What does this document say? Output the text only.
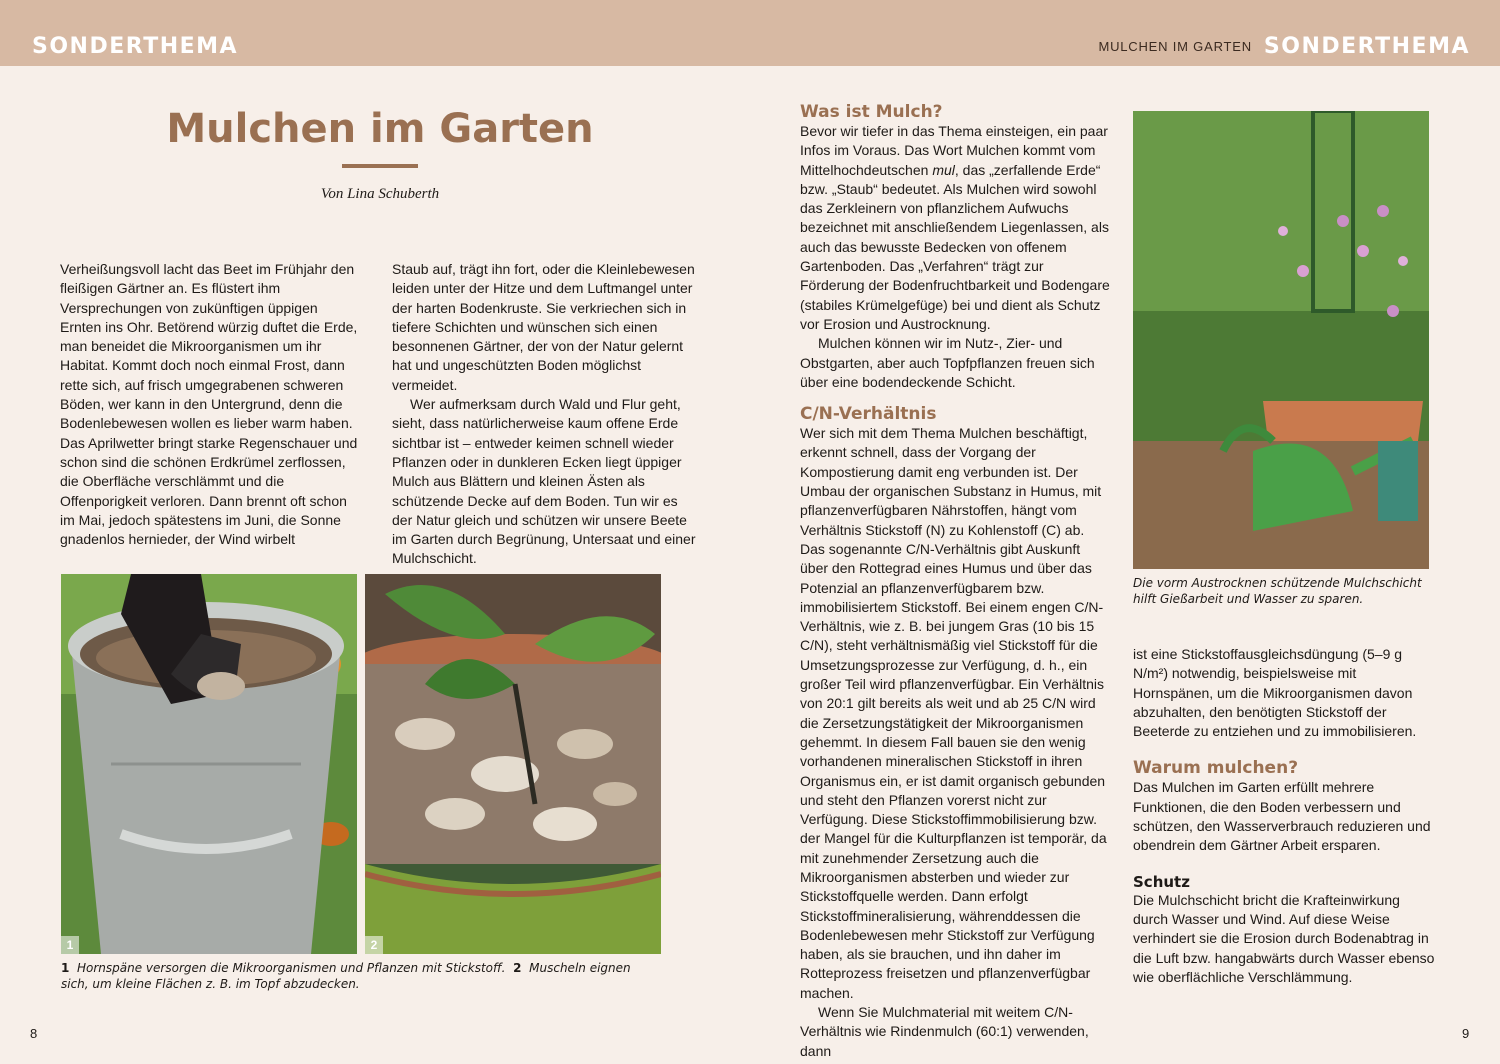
SONDERTHEMA	MULCHEN IM GARTEN SONDERTHEMA
Mulchen im Garten
Von Lina Schuberth

Verheißungsvoll lacht das Beet im Frühjahr den fleißigen Gärtner an. Es flüstert ihm Versprechungen von zukünftigen üppigen Ernten ins Ohr. Betörend würzig duftet die Erde, man beneidet die Mikroorganismen um ihr Habitat. Kommt doch noch einmal Frost, dann rette sich, auf frisch umgegrabenen schweren Böden, wer kann in den Untergrund, denn die Bodenlebewesen wollen es lieber warm haben. Das Aprilwetter bringt starke Regenschauer und schon sind die schönen Erdkrümel zerflossen, die Oberfläche verschlämmt und die Offenporigkeit verloren. Dann brennt oft schon im Mai, jedoch spätestens im Juni, die Sonne gnadenlos hernieder, der Wind wirbelt

Staub auf, trägt ihn fort, oder die Kleinlebewesen leiden unter der Hitze und dem Luftmangel unter der harten Bodenkruste. Sie verkriechen sich in tiefere Schichten und wünschen sich einen besonnenen Gärtner, der von der Natur gelernt hat und ungeschützten Boden möglichst vermeidet.

Wer aufmerksam durch Wald und Flur geht, sieht, dass natürlicherweise kaum offene Erde sichtbar ist – entweder keimen schnell wieder Pflanzen oder in dunkleren Ecken liegt üppiger Mulch aus Blättern und kleinen Ästen als schützende Decke auf dem Boden. Tun wir es der Natur gleich und schützen wir unsere Beete im Garten durch Begrünung, Untersaat und einer Mulchschicht.

1	2
1 Hornspäne versorgen die Mikroorganismen und Pflanzen mit Stickstoff. 2 Muscheln eignen sich, um kleine Flächen z. B. im Topf abzudecken.
8
Was ist Mulch?

Bevor wir tiefer in das Thema einsteigen, ein paar Infos im Voraus. Das Wort Mulchen kommt vom Mittelhochdeutschen mul, das „zerfallende Erde“ bzw. „Staub“ bedeutet. Als Mulchen wird sowohl das Zerkleinern von pflanzlichem Aufwuchs bezeichnet mit anschließendem Liegenlassen, als auch das bewusste Bedecken von offenem Gartenboden. Das „Verfahren“ trägt zur Förderung der Bodenfruchtbarkeit und Bodengare (stabiles Krümelgefüge) bei und dient als Schutz vor Erosion und Austrocknung.

Mulchen können wir im Nutz-, Zier- und Obstgarten, aber auch Topfpflanzen freuen sich über eine bodendeckende Schicht.

C/N-Verhältnis

Wer sich mit dem Thema Mulchen beschäftigt, erkennt schnell, dass der Vorgang der Kompostierung damit eng verbunden ist. Der Umbau der organischen Substanz in Humus, mit pflanzenverfügbaren Nährstoffen, hängt vom Verhältnis Stickstoff (N) zu Kohlenstoff (C) ab. Das sogenannte C/N-Verhältnis gibt Auskunft über den Rottegrad eines Humus und über das Potenzial an pflanzenverfügbarem bzw. immobilisiertem Stickstoff. Bei einem engen C/N-Verhältnis, wie z. B. bei jungem Gras (10 bis 15 C/N), steht verhältnismäßig viel Stickstoff für die Umsetzungsprozesse zur Verfügung, d. h., ein großer Teil wird pflanzenverfügbar. Ein Verhältnis von 20:1 gilt bereits als weit und ab 25 C/N wird die Zersetzungstätigkeit der Mikroorganismen gehemmt. In diesem Fall bauen sie den wenig vorhandenen mineralischen Stickstoff in ihren Organismus ein, er ist damit organisch gebunden und steht den Pflanzen vorerst nicht zur Verfügung. Diese Stickstoffimmobilisierung bzw. der Mangel für die Kulturpflanzen ist temporär, da mit zunehmender Zersetzung auch die Mikroorganismen absterben und wieder zur Stickstoffquelle werden. Dann erfolgt Stickstoffmineralisierung, währenddessen die Bodenlebewesen mehr Stickstoff zur Verfügung haben, als sie brauchen, und ihn daher im Rotteprozess freisetzen und pflanzenverfügbar machen.

Wenn Sie Mulchmaterial mit weitem C/N-Verhältnis wie Rindenmulch (60:1) verwenden, dann

Die vorm Austrocknen schützende Mulchschicht hilft Gießarbeit und Wasser zu sparen.

ist eine Stickstoffausgleichsdüngung (5–9 g N/m²) notwendig, beispielsweise mit Hornspänen, um die Mikroorganismen davon abzuhalten, den benötigten Stickstoff der Beeterde zu entziehen und zu immobilisieren.

Warum mulchen?

Das Mulchen im Garten erfüllt mehrere Funktionen, die den Boden verbessern und schützen, den Wasserverbrauch reduzieren und obendrein dem Gärtner Arbeit ersparen.

Schutz

Die Mulchschicht bricht die Krafteinwirkung durch Wasser und Wind. Auf diese Weise verhindert sie die Erosion durch Bodenabtrag in die Luft bzw. hangabwärts durch Wasser ebenso wie oberflächliche Verschlämmung.

9
